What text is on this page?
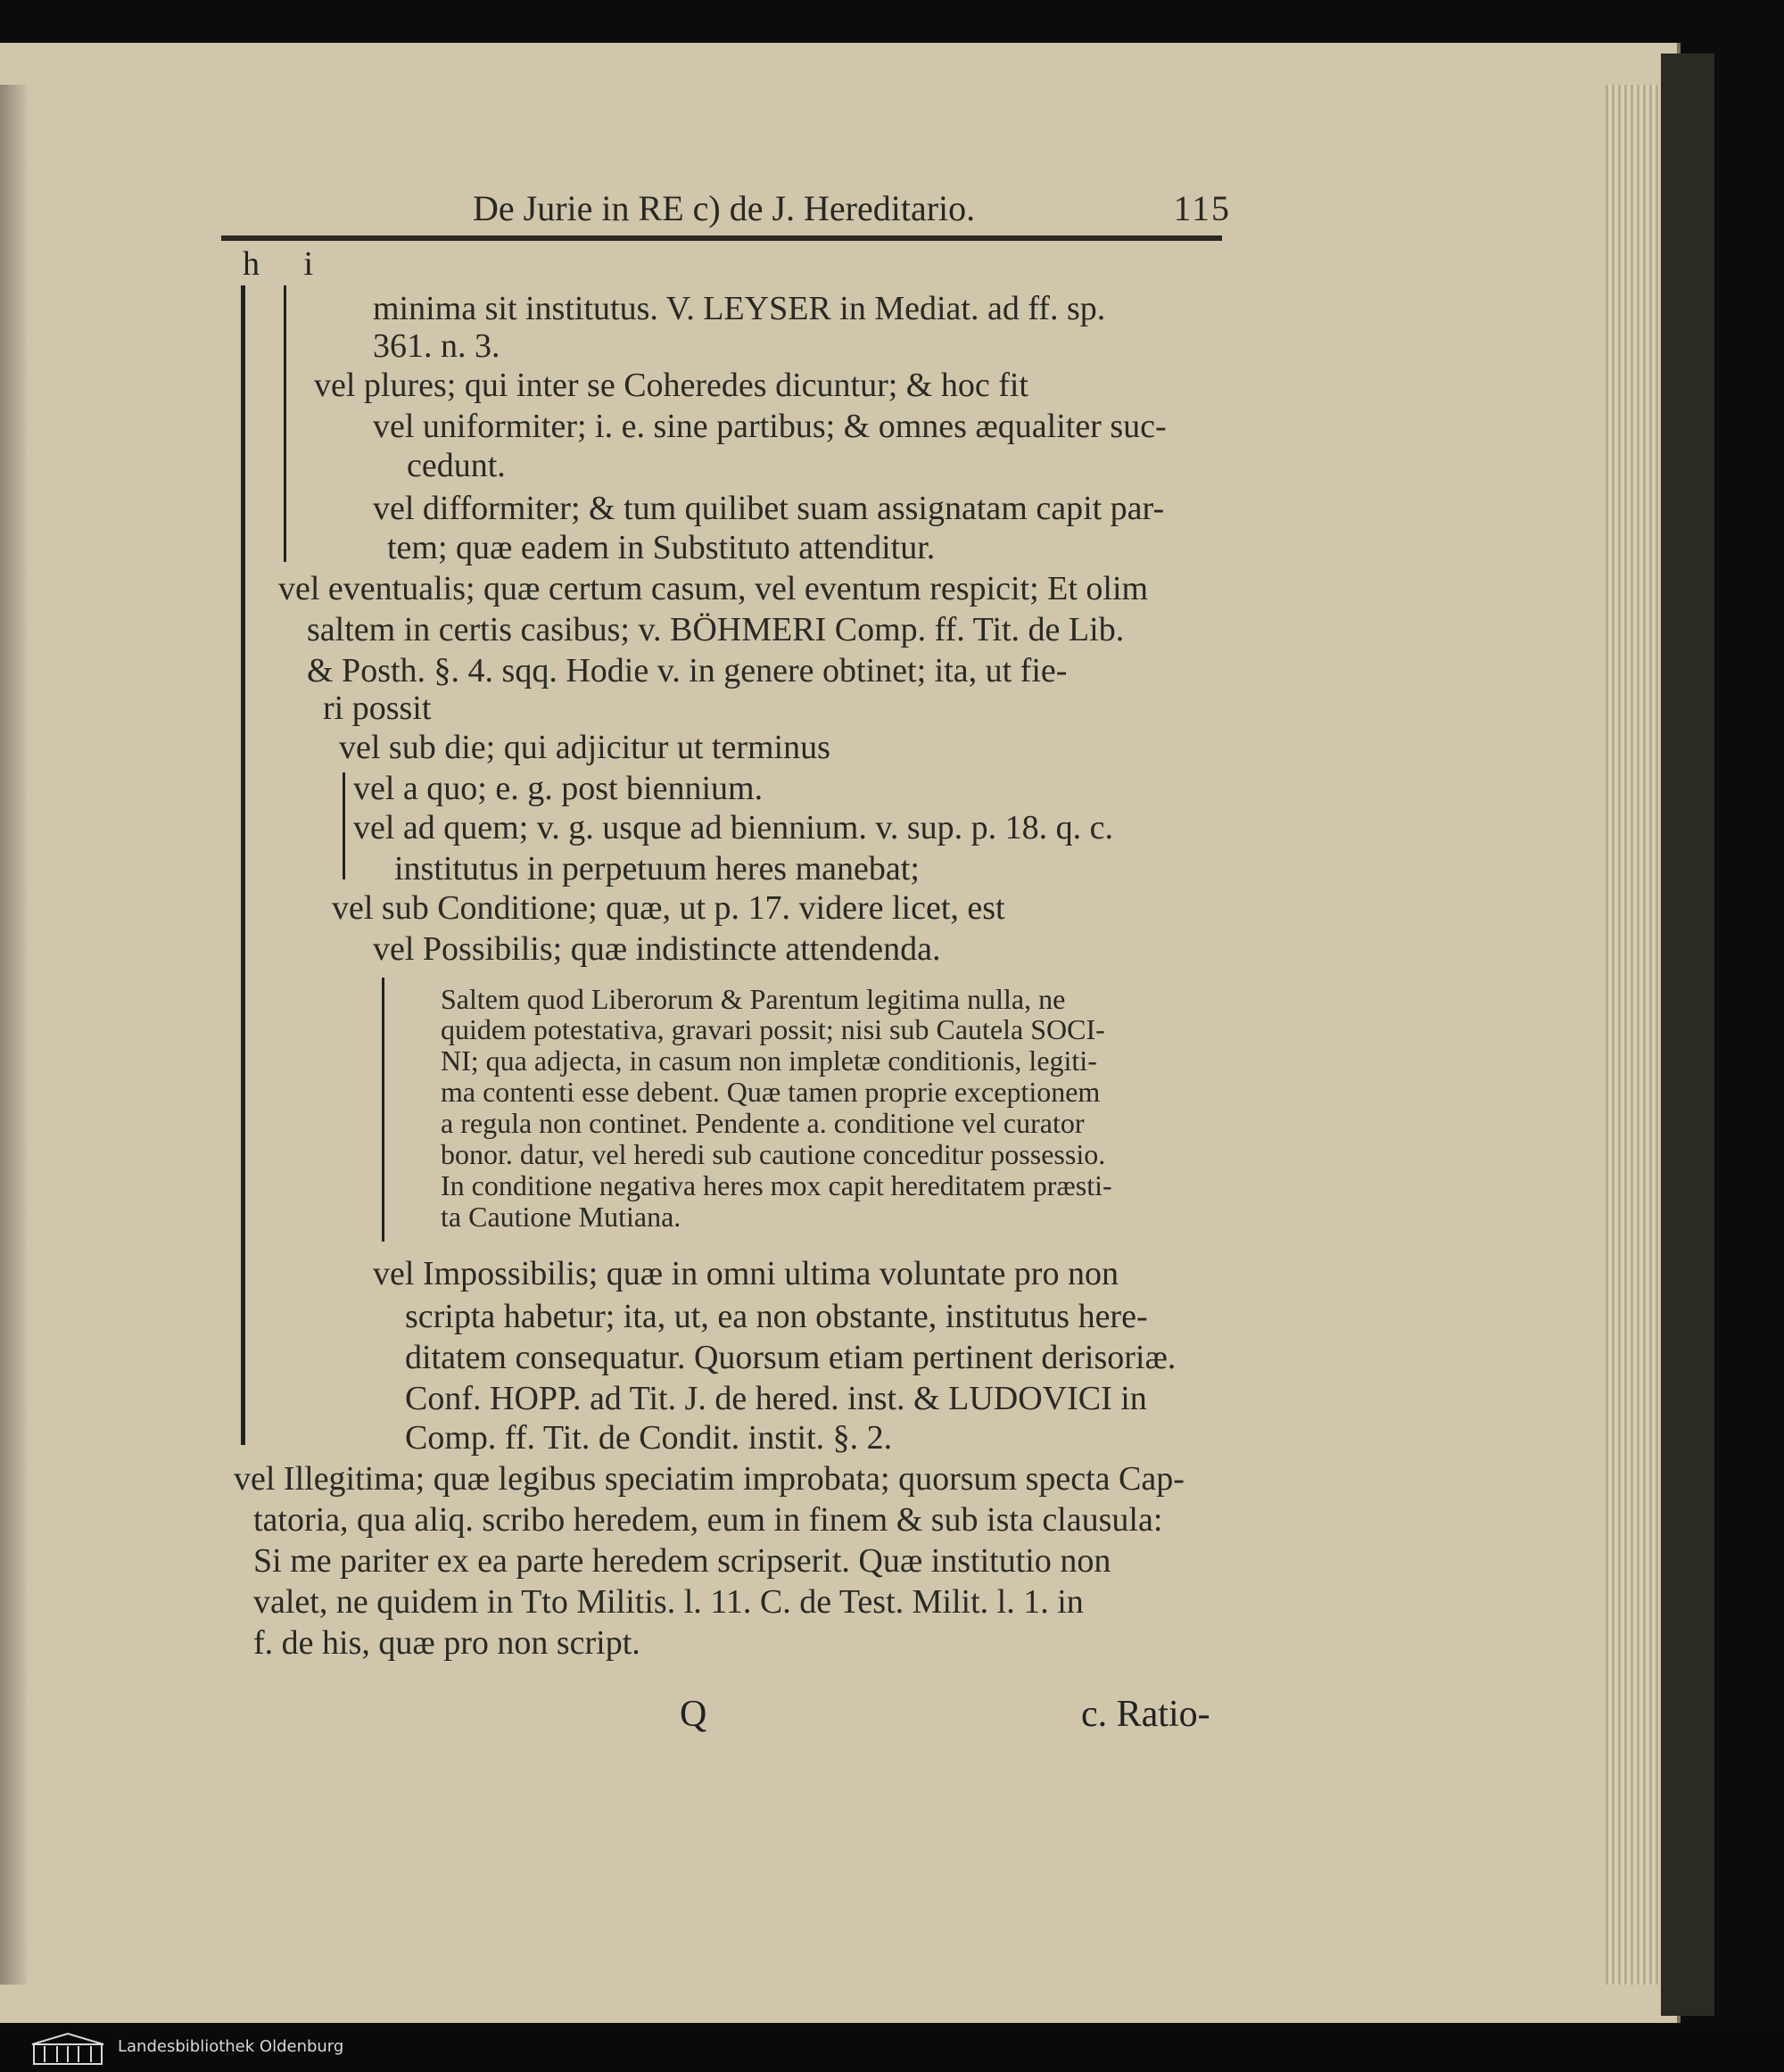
De Jurie in RE c) de J. Hereditario.	115
h i
minima sit institutus. V. LEYSER in Mediat. ad ff. sp.
361. n. 3.
vel plures; qui inter se Coheredes dicuntur; & hoc fit
vel uniformiter; i. e. sine partibus; & omnes æqualiter suc-
cedunt.
vel difformiter; & tum quilibet suam assignatam capit par-
tem; quæ eadem in Substituto attenditur.
vel eventualis; quæ certum casum, vel eventum respicit; Et olim
saltem in certis casibus; v. BÖHMERI Comp. ff. Tit. de Lib.
& Posth. §. 4. sqq. Hodie v. in genere obtinet; ita, ut fie-
ri possit
vel sub die; qui adjicitur ut terminus
vel a quo; e. g. post biennium.
vel ad quem; v. g. usque ad biennium. v. sup. p. 18. q. c.
institutus in perpetuum heres manebat;
vel sub Conditione; quæ, ut p. 17. videre licet, est
vel Possibilis; quæ indistincte attendenda.
Saltem quod Liberorum & Parentum legitima nulla, ne
quidem potestativa, gravari possit; nisi sub Cautela SOCI-
NI; qua adjecta, in casum non impletæ conditionis, legiti-
ma contenti esse debent. Quæ tamen proprie exceptionem
a regula non continet. Pendente a. conditione vel curator
bonor. datur, vel heredi sub cautione conceditur possessio.
In conditione negativa heres mox capit hereditatem præsti-
ta Cautione Mutiana.
vel Impossibilis; quæ in omni ultima voluntate pro non
scripta habetur; ita, ut, ea non obstante, institutus here-
ditatem consequatur. Quorsum etiam pertinent derisoriæ.
Conf. HOPP. ad Tit. J. de hered. inst. & LUDOVICI in
Comp. ff. Tit. de Condit. instit. §. 2.
vel Illegitima; quæ legibus speciatim improbata; quorsum specta Cap-
tatoria, qua aliq. scribo heredem, eum in finem & sub ista clausula:
Si me pariter ex ea parte heredem scripserit. Quæ institutio non
valet, ne quidem in Tto Militis. l. 11. C. de Test. Milit. l. 1. in
f. de his, quæ pro non script.
Q	c. Ratio-
Landesbibliothek Oldenburg
